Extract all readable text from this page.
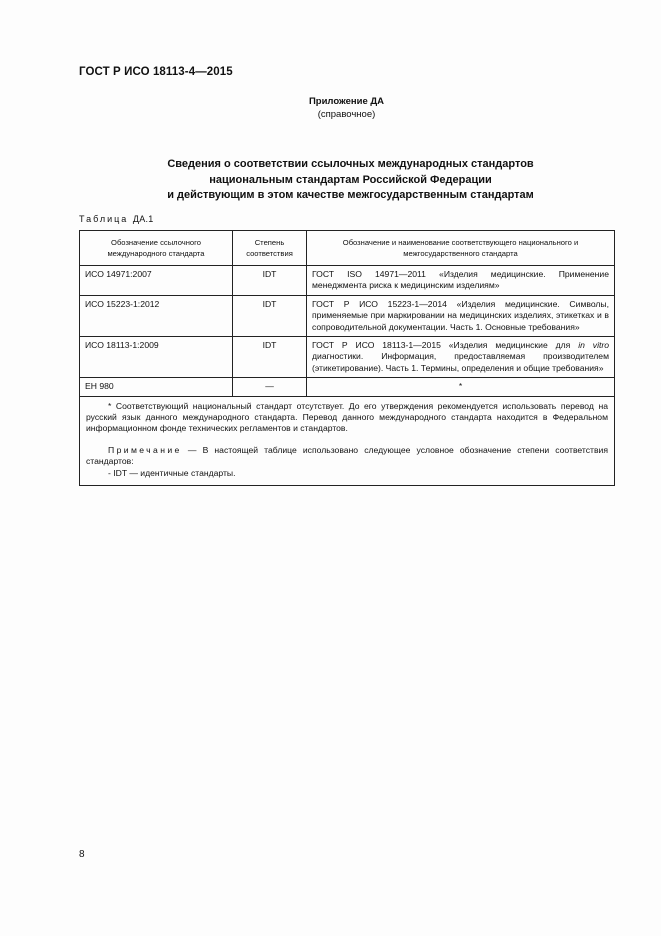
ГОСТ Р ИСО 18113-4—2015
Приложение ДА
(справочное)
Сведения о соответствии ссылочных международных стандартов
национальным стандартам Российской Федерации
и действующим в этом качестве межгосударственным стандартам
Таблица ДА.1
Обозначение ссылочного международного стандарта	Степень соответствия	Обозначение и наименование соответствующего национального и межгосударственного стандарта
ИСО 14971:2007	IDT	ГОСТ ISO 14971—2011 «Изделия медицинские. Применение менеджмента риска к медицинским изделиям»
ИСО 15223-1:2012	IDT	ГОСТ Р ИСО 15223-1—2014 «Изделия медицинские. Символы, применяемые при маркировании на медицинских изделиях, этикетках и в сопроводительной документации. Часть 1. Основные требования»
ИСО 18113-1:2009	IDT	ГОСТ Р ИСО 18113-1—2015 «Изделия медицинские для in vitro диагностики. Информация, предоставляемая производителем (этикетирование). Часть 1. Термины, определения и общие требования»
ЕН 980	—	*

* Соответствующий национальный стандарт отсутствует. До его утверждения рекомендуется использовать перевод на русский язык данного международного стандарта. Перевод данного международного стандарта находится в Федеральном информационном фонде технических регламентов и стандартов.

Примечание — В настоящей таблице использовано следующее условное обозначение степени соответствия стандартов:

- IDT — идентичные стандарты.		

8
